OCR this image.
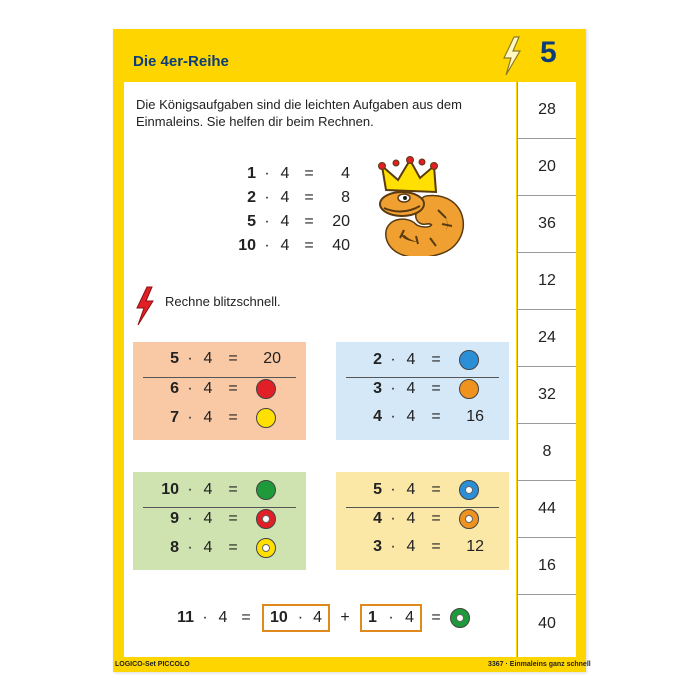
Die 4er-Reihe	5
Die Königsaufgaben sind die leichten Aufgaben aus dem Einmaleins. Sie helfen dir beim Rechnen.
1 · 4 =	4
2 · 4 =	8
5 · 4 =	20
10 · 4 =	40
Rechne blitzschnell.
5 · 4 =	20
6 · 4 =
7 · 4 =
2 · 4 =
3 · 4 =
4 · 4 =	16
10 · 4 =
9 · 4 =
8 · 4 =
5 · 4 =
4 · 4 =
3 · 4 =	12
11 · 4 =	10 · 4	+	1 · 4	=
28
20
36
12
24
32
8
44
16
40
LOGICO-Set PICCOLO	3367 · Einmaleins ganz schnell
